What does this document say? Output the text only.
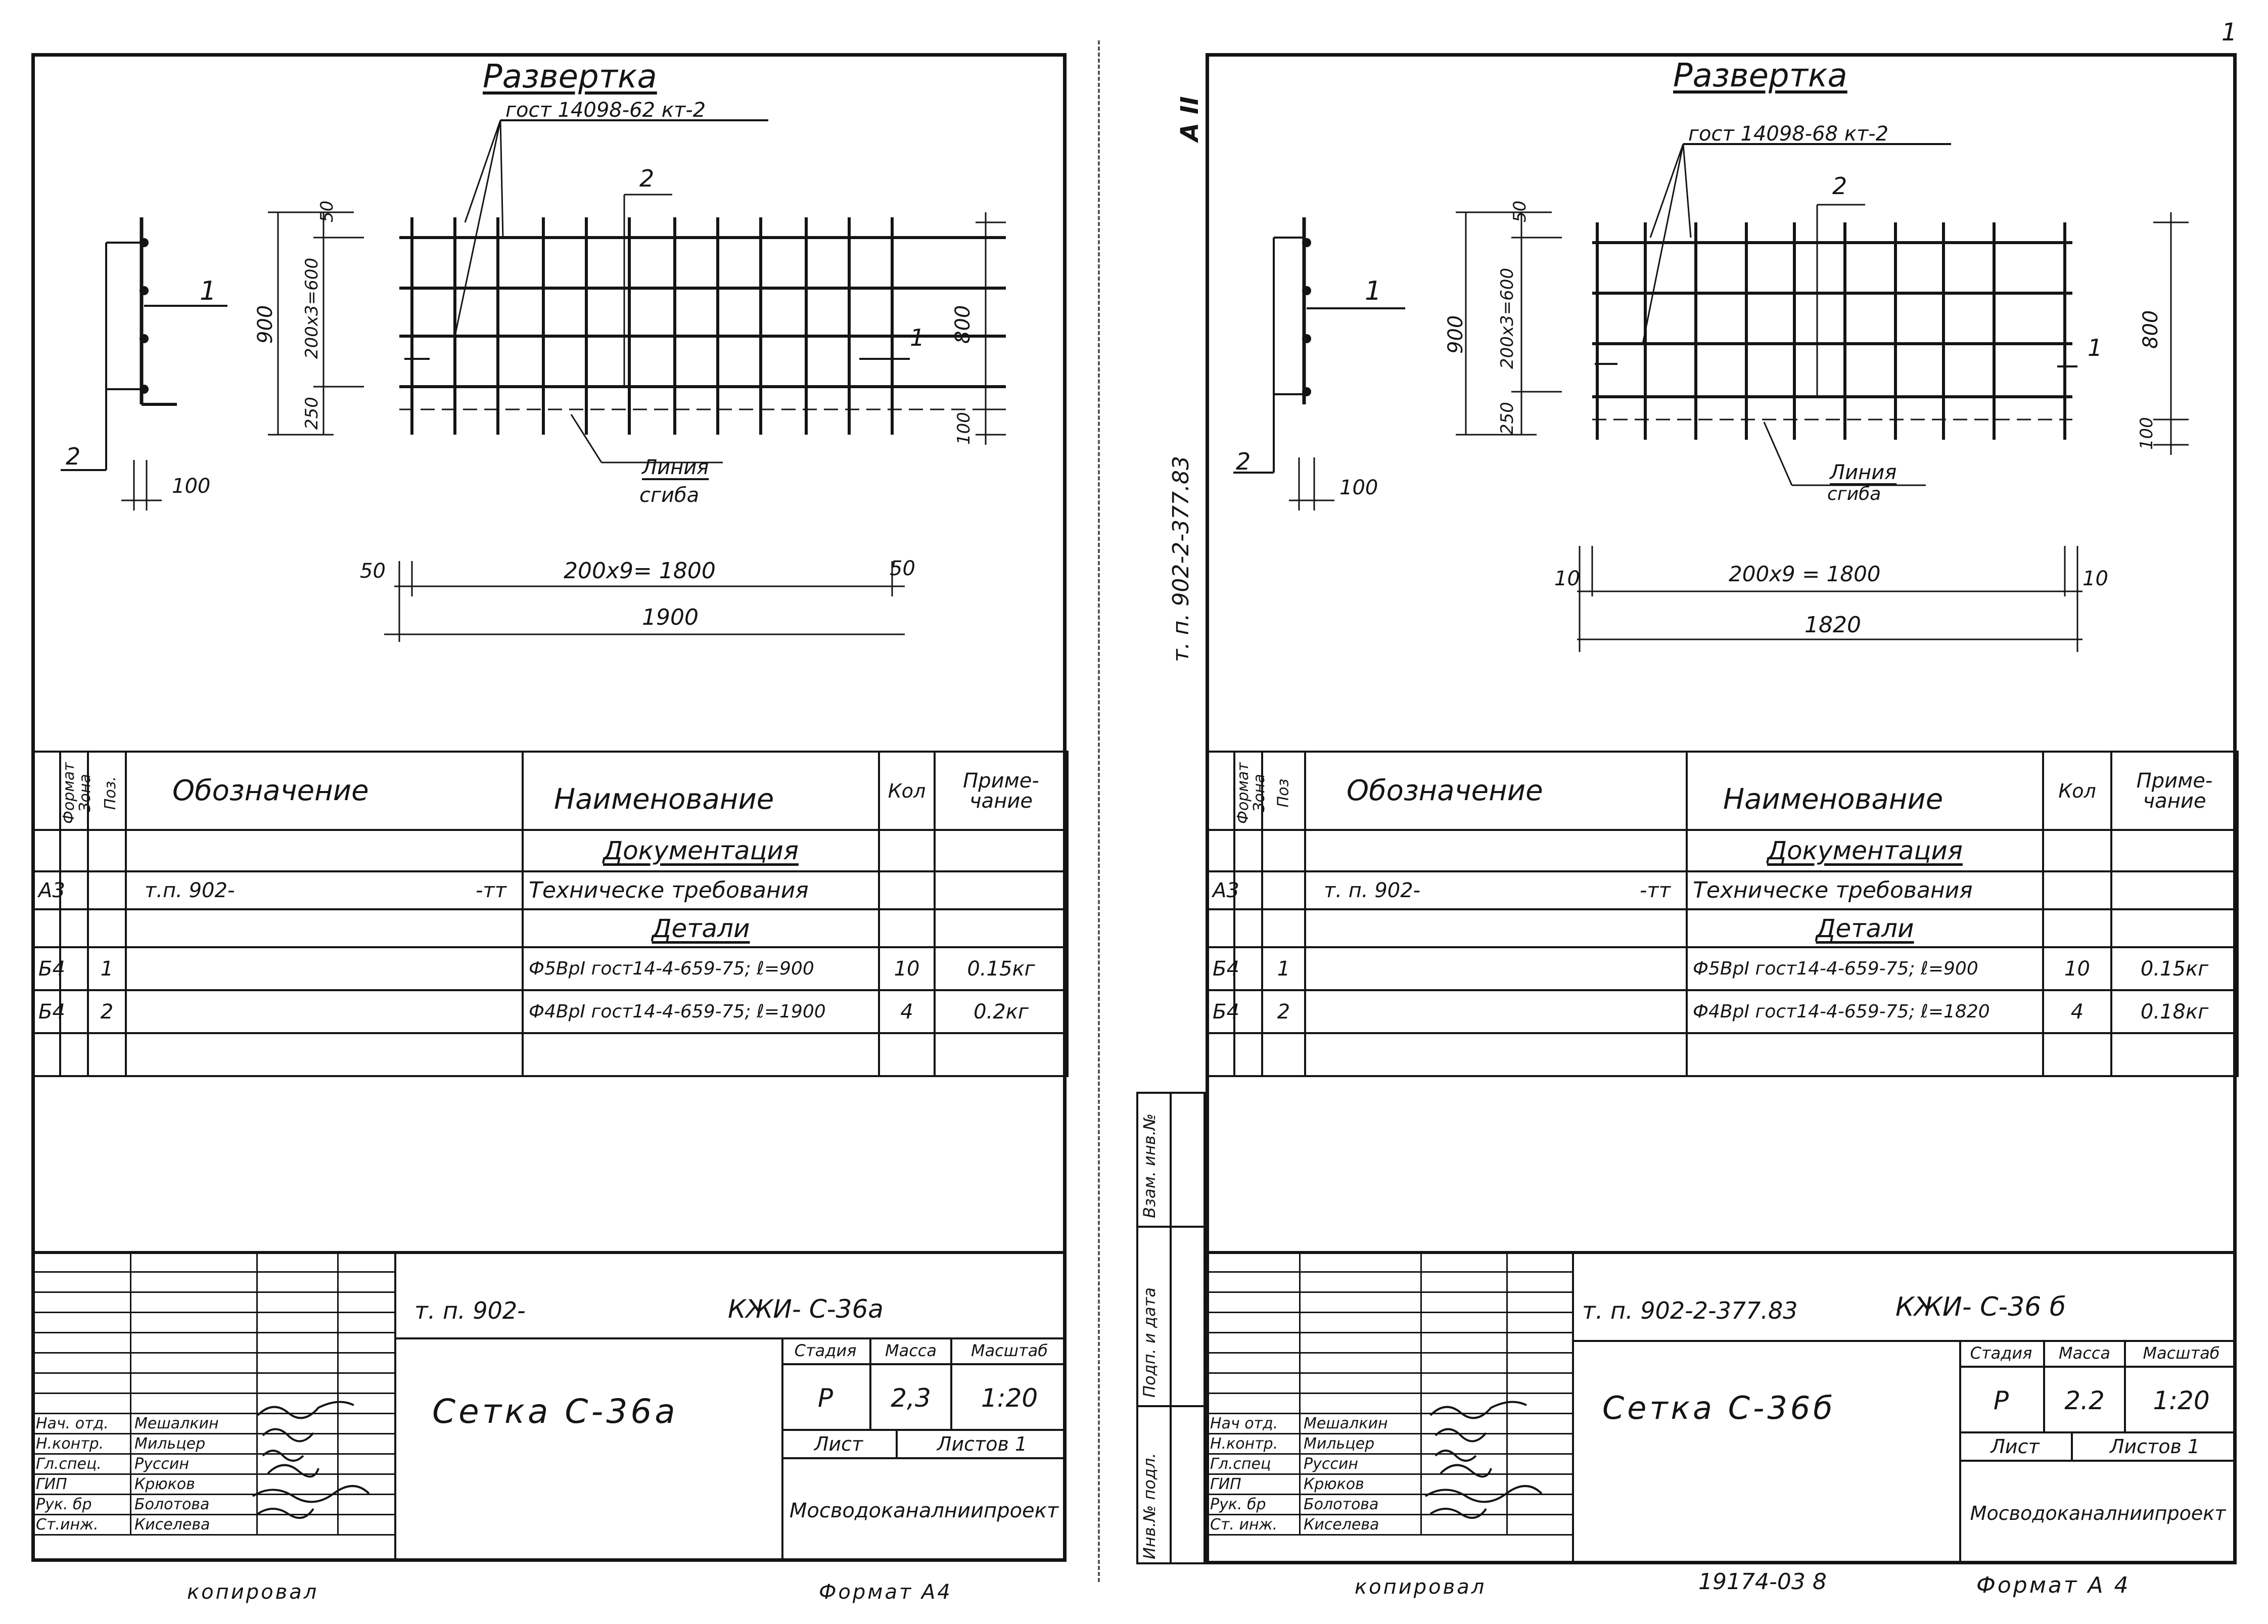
1
Развертка
гост 14098-62 кт-2
2
1
1
2
100
Линия
сгиба
900
50
200х3=600
250
800
100
50	200х9= 1800	50
1900
Формат	Зона	Поз.	Обозначение	Наименование	Кол	Приме-чание
				Документация		
А3			т.п. 902- -тт	Техническе требования		
				Детали		
Б4		1		Ф5ВрI гост14-4-659-75; ℓ=900	10	0.15кг
Б4		2		Ф4ВрI гост14-4-659-75; ℓ=1900	4	0.2кг

Нач. отд.	Мешалкин		
Н.контр.	Мильцер		
Гл.спец.	Руссин		
ГИП	Крюков		
Рук. бр	Болотова		
Ст.инж.	Киселева		
т. п. 902-	КЖИ- С-36а
Сетка С-36а
Стадия	Масса	Масштаб
Р	2,3	1:20
Лист	Листов 1
Мосводоканалниипроект
копировал	Формат А4
т. п. 902-2-377.83
А II
Развертка
гост 14098-68 кт-2
2
1
1
2
100
Линия
сгиба
900
50
200х3=600
250
800
100
10	200х9 = 1800	10
1820
Формат	Зона	Поз	Обозначение	Наименование	Кол	Приме-чание
				Документация		
А3			т. п. 902- -тт	Техническе требования		
				Детали		
Б4		1		Ф5ВрI гост14-4-659-75; ℓ=900	10	0.15кг
Б4		2		Ф4ВрI гост14-4-659-75; ℓ=1820	4	0.18кг

Взам. инв.№
Подп. и дата
Инв.№ подл.

Нач отд.	Мешалкин		
Н.контр.	Мильцер		
Гл.спец	Руссин		
ГИП	Крюков		
Рук. бр	Болотова		
Ст. инж.	Киселева		
т. п. 902-2-377.83	КЖИ- С-36 б
Сетка С-36б
Стадия	Масса	Масштаб
Р	2.2	1:20
Лист	Листов 1
Мосводоканалниипроект
копировал	19174-03 8	Формат А 4
